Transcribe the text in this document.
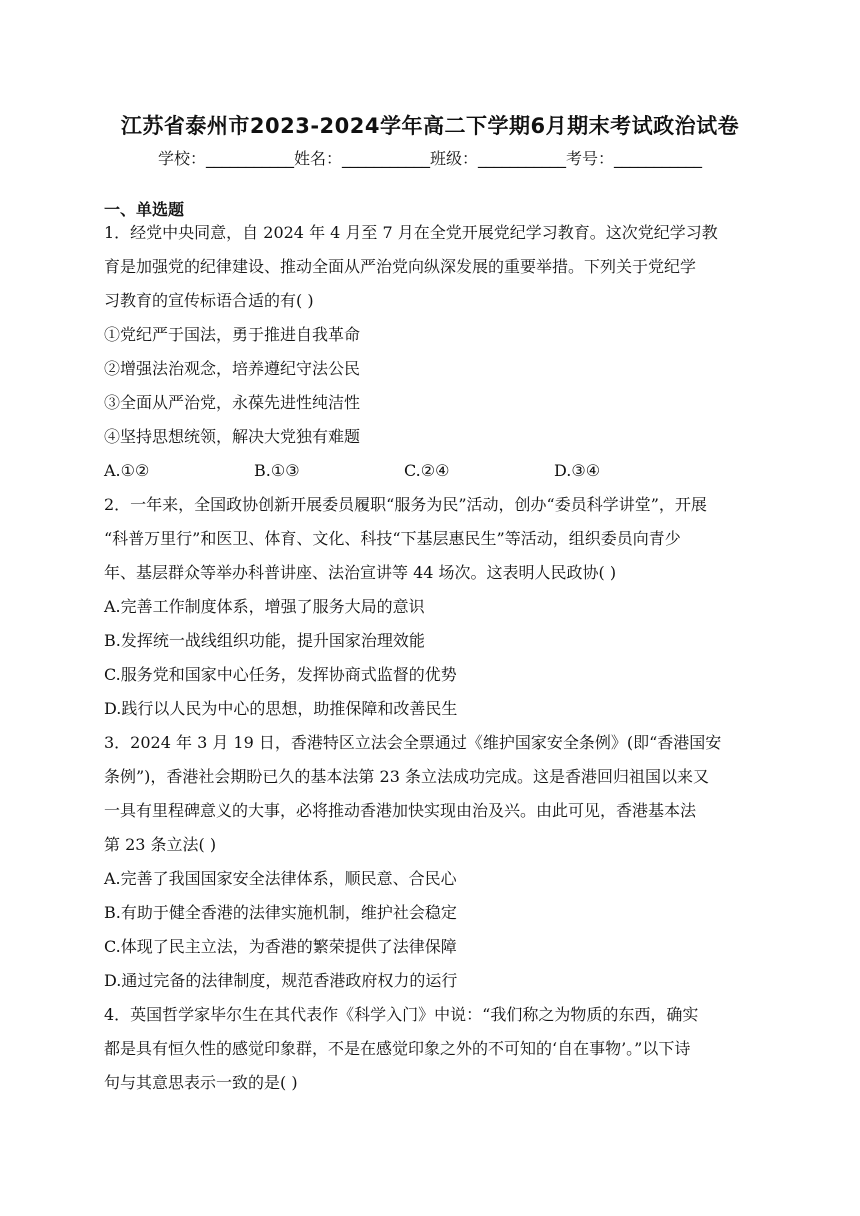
江苏省泰州市2023-2024学年高二下学期6月期末考试政治试卷
学校：___________姓名：___________班级：___________考号：___________
一、单选题
1．经党中央同意，自 2024 年 4 月至 7 月在全党开展党纪学习教育。这次党纪学习教
育是加强党的纪律建设、推动全面从严治党向纵深发展的重要举措。下列关于党纪学
习教育的宣传标语合适的有( )
①党纪严于国法，勇于推进自我革命
②增强法治观念，培养遵纪守法公民
③全面从严治党，永葆先进性纯洁性
④坚持思想统领，解决大党独有难题
A.①②	B.①③	C.②④	D.③④
2．一年来，全国政协创新开展委员履职“服务为民”活动，创办“委员科学讲堂”，开展
“科普万里行”和医卫、体育、文化、科技“下基层惠民生”等活动，组织委员向青少
年、基层群众等举办科普讲座、法治宣讲等 44 场次。这表明人民政协( )
A.完善工作制度体系，增强了服务大局的意识
B.发挥统一战线组织功能，提升国家治理效能
C.服务党和国家中心任务，发挥协商式监督的优势
D.践行以人民为中心的思想，助推保障和改善民生
3．2024 年 3 月 19 日，香港特区立法会全票通过《维护国家安全条例》(即“香港国安
条例”)，香港社会期盼已久的基本法第 23 条立法成功完成。这是香港回归祖国以来又
一具有里程碑意义的大事，必将推动香港加快实现由治及兴。由此可见，香港基本法
第 23 条立法( )
A.完善了我国国家安全法律体系，顺民意、合民心
B.有助于健全香港的法律实施机制，维护社会稳定
C.体现了民主立法，为香港的繁荣提供了法律保障
D.通过完备的法律制度，规范香港政府权力的运行
4．英国哲学家毕尔生在其代表作《科学入门》中说：“我们称之为物质的东西，确实
都是具有恒久性的感觉印象群，不是在感觉印象之外的不可知的‘自在事物’。”以下诗
句与其意思表示一致的是( )
